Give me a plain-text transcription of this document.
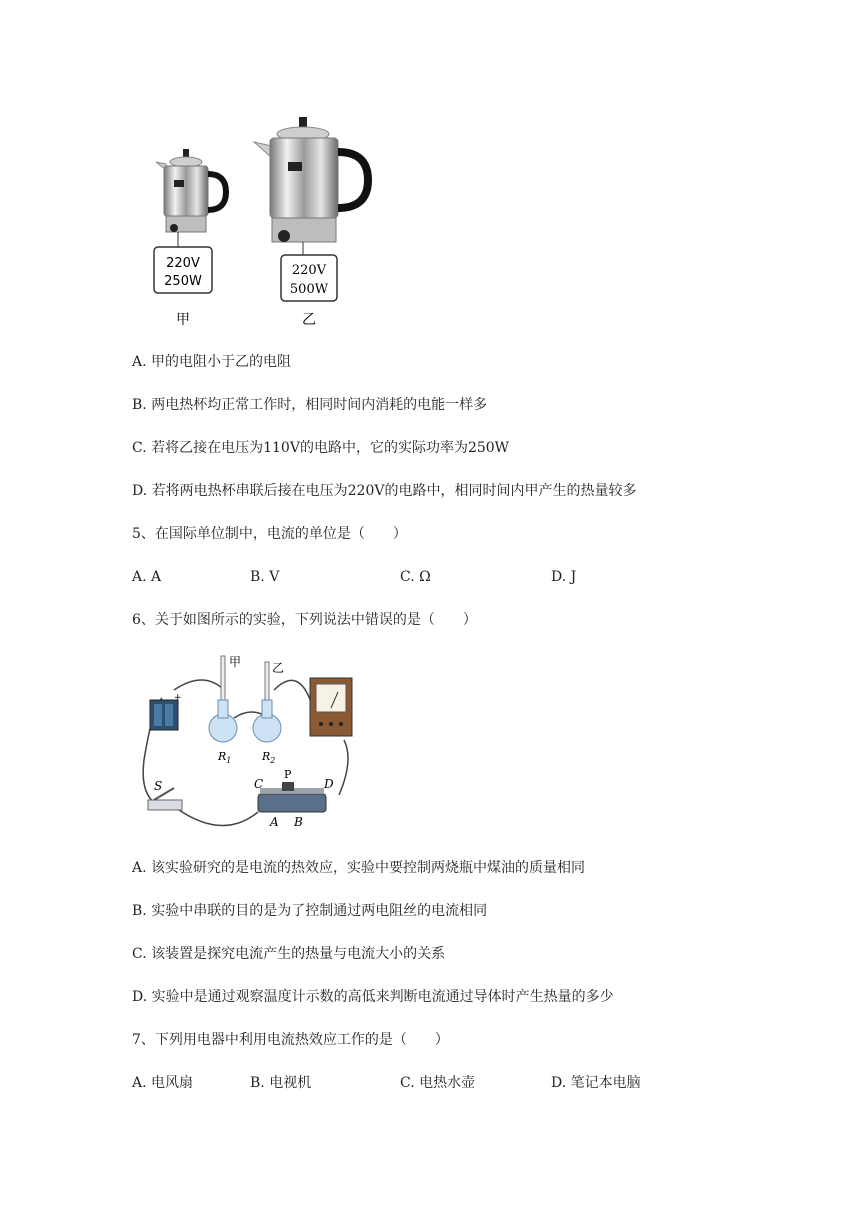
220V
250W
甲
220V
500W
乙
A. 甲的电阻小于乙的电阻
B. 两电热杯均正常工作时，相同时间内消耗的电能一样多
C. 若将乙接在电压为110V的电路中，它的实际功率为250W
D. 若将两电热杯串联后接在电压为220V的电路中，相同时间内甲产生的热量较多
5、在国际单位制中，电流的单位是（　　）
A. A	B. V	C. Ω	D. J
6、关于如图所示的实验，下列说法中错误的是（　　）
+
甲
$R_1$
乙
$R_2$
S	C
P
D
A B
A. 该实验研究的是电流的热效应，实验中要控制两烧瓶中煤油的质量相同
B. 实验中串联的目的是为了控制通过两电阻丝的电流相同
C. 该装置是探究电流产生的热量与电流大小的关系
D. 实验中是通过观察温度计示数的高低来判断电流通过导体时产生热量的多少
7、下列用电器中利用电流热效应工作的是（　　）
A. 电风扇	B. 电视机	C. 电热水壶	D. 笔记本电脑
